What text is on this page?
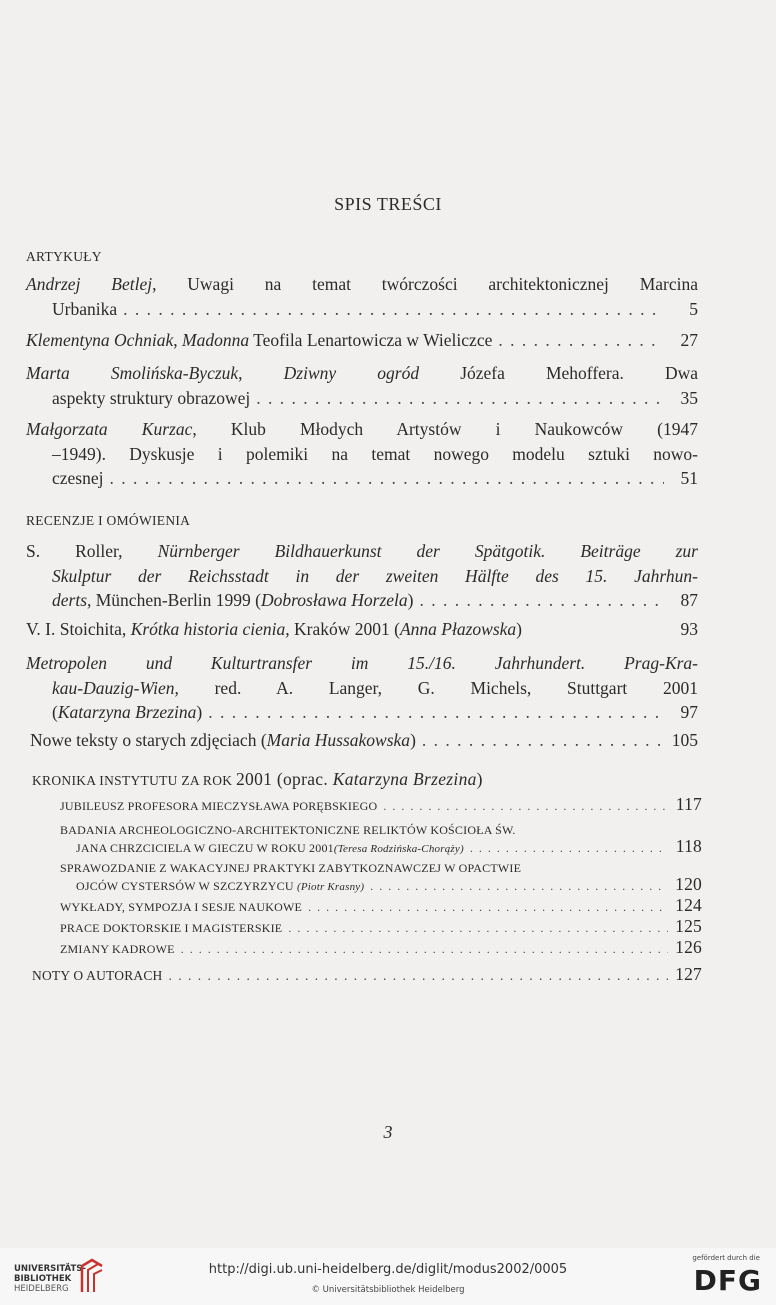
SPIS TREŚCI
ARTYKUŁY
Andrzej Betlej, Uwagi na temat twórczości architektonicznej Marcina
Urbanika . . .	5
Klementyna Ochniak, Madonna Teofila Lenartowicza w Wieliczce . . .	27
Marta Smolińska-Byczuk, Dziwny ogród Józefa Mehoffera. Dwa
aspekty struktury obrazowej . . .	35
Małgorzata Kurzac, Klub Młodych Artystów i Naukowców (1947
–1949). Dyskusje i polemiki na temat nowego modelu sztuki nowo-
czesnej . . .	51
RECENZJE I OMÓWIENIA
S. Roller, Nürnberger Bildhauerkunst der Spätgotik. Beiträge zur
Skulptur der Reichsstadt in der zweiten Hälfte des 15. Jahrhun-
derts, München-Berlin 1999 (Dobrosława Horzela) . . .	87
V. I. Stoichita, Krótka historia cienia, Kraków 2001 (Anna Płazowska)	93
Metropolen und Kulturtransfer im 15./16. Jahrhundert. Prag-Kra-
kau-Dauzig-Wien, red. A. Langer, G. Michels, Stuttgart 2001
(Katarzyna Brzezina) . . .	97
Nowe teksty o starych zdjęciach (Maria Hussakowska) . . .	105
KRONIKA INSTYTUTU ZA ROK 2001 (oprac. Katarzyna Brzezina)
JUBILEUSZ PROFESORA MIECZYSŁAWA PORĘBSKIEGO . . .	117
BADANIA ARCHEOLOGICZNO-ARCHITEKTONICZNE RELIKTÓW KOŚCIOŁA ŚW.
JANA CHRZCICIELA W GIECZU W ROKU 2001(Teresa Rodzińska-Chorąży) . . .	118
SPRAWOZDANIE Z WAKACYJNEJ PRAKTYKI ZABYTKOZNAWCZEJ W OPACTWIE
OJCÓW CYSTERSÓW W SZCZYRZYCU (Piotr Krasny) . . .	120
WYKŁADY, SYMPOZJA I SESJE NAUKOWE . . .	124
PRACE DOKTORSKIE I MAGISTERSKIE . . .	125
ZMIANY KADROWE . . .	126
NOTY O AUTORACH . . .	127
3
UNIVERSITÄTS-
BIBLIOTHEK
HEIDELBERG
http://digi.ub.uni-heidelberg.de/diglit/modus2002/0005
© Universitätsbibliothek Heidelberg
gefördert durch die
DFG
